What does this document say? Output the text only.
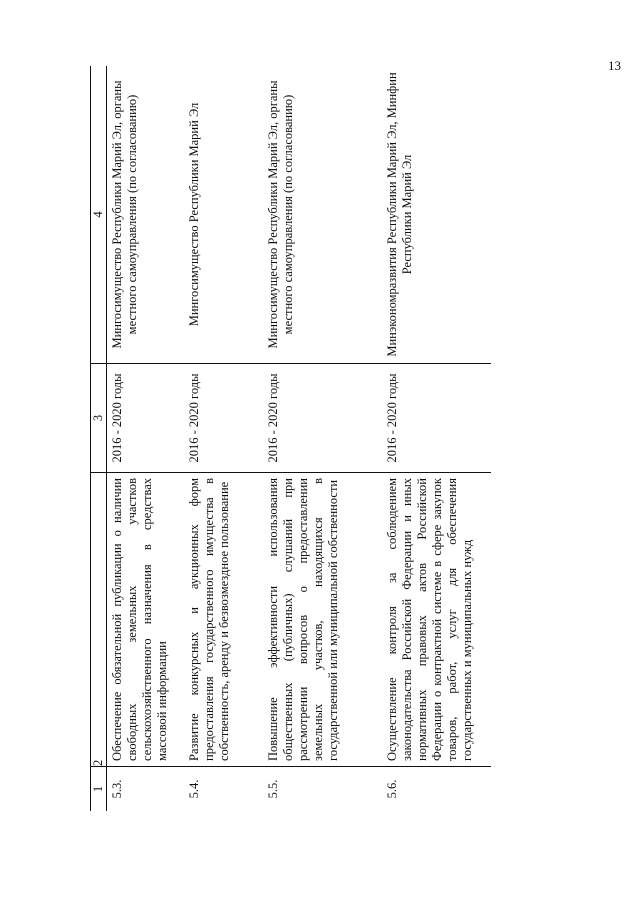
13
1	2	3	4
5.3.	Обеспечение обязательной публикации о наличии свободных земельных участков сельскохозяйственного назначения в средствах массовой информации	2016 - 2020 годы	Мингосимущество Республики Марий Эл, органы местного самоуправления (по согласованию)
5.4.	Развитие конкурсных и аукционных форм предоставления государственного имущества в собственность, аренду и безвозмездное пользование	2016 - 2020 годы	Мингосимущество Республики Марий Эл
5.5.	Повышение эффективности использования общественных (публичных) слушаний при рассмотрении вопросов о предоставлении земельных участков, находящихся в государственной или муниципальной собственности	2016 - 2020 годы	Мингосимущество Республики Марий Эл, органы местного самоуправления (по согласованию)
5.6.	Осуществление контроля за соблюдением законодательства Российской Федерации и иных нормативных правовых актов Российской Федерации о контрактной системе в сфере закупок товаров, работ, услуг для обеспечения государственных и муниципальных нужд	2016 - 2020 годы	Минэкономразвития Республики Марий Эл, Минфин Республики Марий Эл
